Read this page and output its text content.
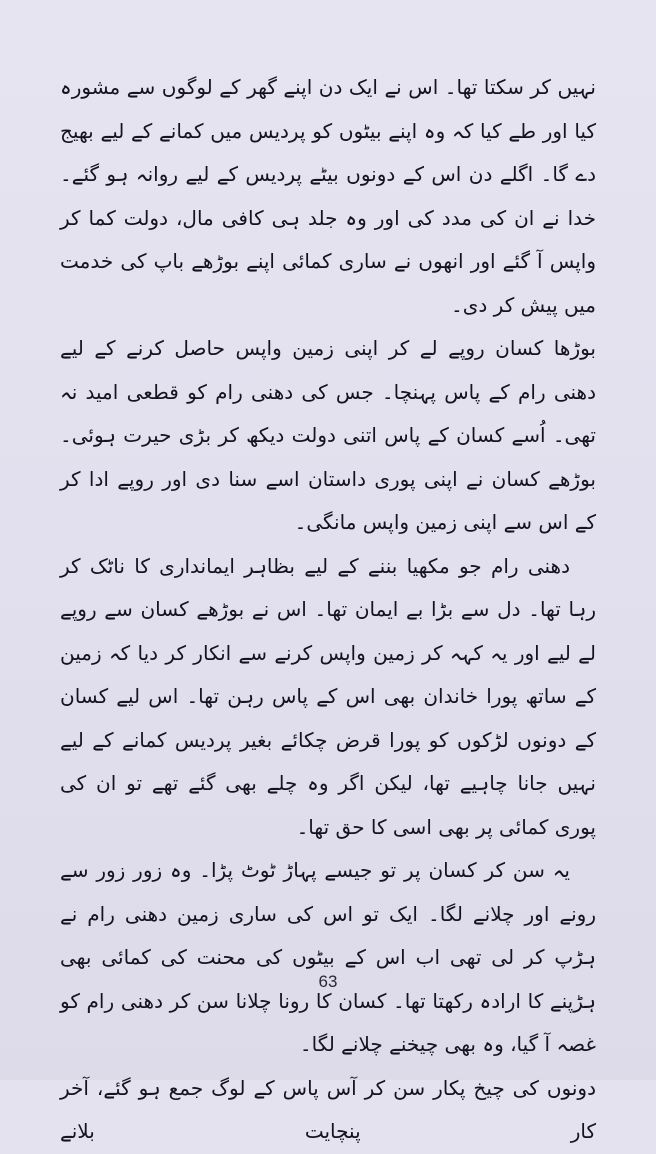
نہیں کر سکتا تھا۔ اس نے ایک دن اپنے گھر کے لوگوں سے مشورہ کیا اور طے کیا کہ وہ اپنے بیٹوں کو پردیس میں کمانے کے لیے بھیج دے گا۔ اگلے دن اس کے دونوں بیٹے پردیس کے لیے روانہ ہو گئے۔ خدا نے ان کی مدد کی اور وہ جلد ہی کافی مال، دولت کما کر واپس آ گئے اور انھوں نے ساری کمائی اپنے بوڑھے باپ کی خدمت میں پیش کر دی۔

بوڑھا کسان روپے لے کر اپنی زمین واپس حاصل کرنے کے لیے دھنی رام کے پاس پہنچا۔ جس کی دھنی رام کو قطعی امید نہ تھی۔ اُسے کسان کے پاس اتنی دولت دیکھ کر بڑی حیرت ہوئی۔ بوڑھے کسان نے اپنی پوری داستان اسے سنا دی اور روپے ادا کر کے اس سے اپنی زمین واپس مانگی۔

دھنی رام جو مکھیا بننے کے لیے بظاہر ایمانداری کا ناٹک کر رہا تھا۔ دل سے بڑا بے ایمان تھا۔ اس نے بوڑھے کسان سے روپے لے لیے اور یہ کہہ کر زمین واپس کرنے سے انکار کر دیا کہ زمین کے ساتھ پورا خاندان بھی اس کے پاس رہن تھا۔ اس لیے کسان کے دونوں لڑکوں کو پورا قرض چکائے بغیر پردیس کمانے کے لیے نہیں جانا چاہیے تھا، لیکن اگر وہ چلے بھی گئے تھے تو ان کی پوری کمائی پر بھی اسی کا حق تھا۔

یہ سن کر کسان پر تو جیسے پہاڑ ٹوٹ پڑا۔ وہ زور زور سے رونے اور چلانے لگا۔ ایک تو اس کی ساری زمین دھنی رام نے ہڑپ کر لی تھی اب اس کے بیٹوں کی محنت کی کمائی بھی ہڑپنے کا ارادہ رکھتا تھا۔ کسان کا رونا چلانا سن کر دھنی رام کو غصہ آ گیا، وہ بھی چیخنے چلانے لگا۔

دونوں کی چیخ پکار سن کر آس پاس کے لوگ جمع ہو گئے، آخر کار پنچایت بلانے

63
